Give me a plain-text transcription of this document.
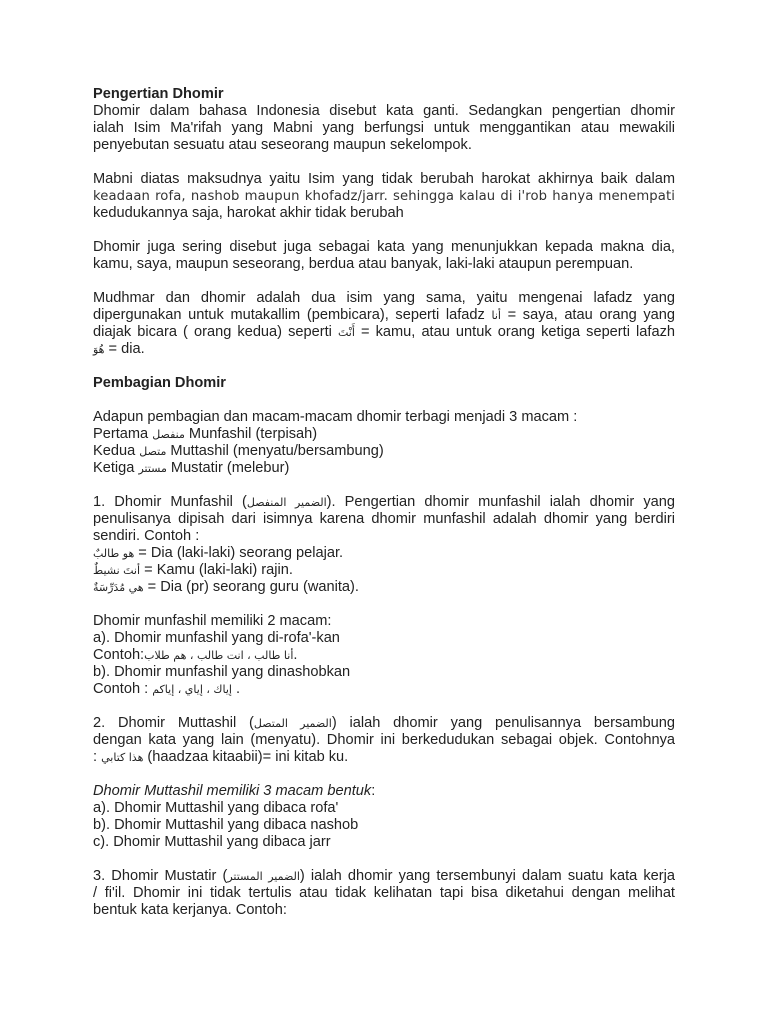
Pengertian Dhomir

Dhomir dalam bahasa Indonesia disebut kata ganti. Sedangkan pengertian dhomir

ialah Isim Ma'rifah yang Mabni yang berfungsi untuk menggantikan atau mewakili

penyebutan sesuatu atau seseorang maupun sekelompok.

Mabni diatas maksudnya yaitu Isim yang tidak berubah harokat akhirnya baik dalam

keadaan rofa, nashob maupun khofadz/jarr. sehingga kalau di i'rob hanya menempati

kedudukannya saja, harokat akhir tidak berubah

Dhomir juga sering disebut juga sebagai kata yang menunjukkan kepada makna dia,

kamu, saya, maupun seseorang, berdua atau banyak, laki-laki ataupun perempuan.

Mudhmar dan dhomir adalah dua isim yang sama, yaitu mengenai lafadz yang

dipergunakan untuk mutakallim (pembicara), seperti lafadz أنا = saya, atau orang yang

diajak bicara ( orang kedua) seperti أَنْتَ = kamu, atau untuk orang ketiga seperti lafazh

هُوَ = dia.

Pembagian Dhomir

Adapun pembagian dan macam-macam dhomir terbagi menjadi 3 macam :

Pertama منفصل Munfashil (terpisah)

Kedua متصل Muttashil (menyatu/bersambung)

Ketiga مستتر Mustatir (melebur)

1. Dhomir Munfashil (الضمير المنفصل). Pengertian dhomir munfashil ialah dhomir yang

penulisanya dipisah dari isimnya karena dhomir munfashil adalah dhomir yang berdiri

sendiri. Contoh :

هو طالبٌ = Dia (laki-laki) seorang pelajar.

أنتَ نشيطٌ = Kamu (laki-laki) rajin.

هي مُدَرِّسَةٌ = Dia (pr) seorang guru (wanita).

Dhomir munfashil memiliki 2 macam:

a). Dhomir munfashil yang di-rofa'-kan

Contoh:أنا طالب ، انت طالب ، هم طلاب.

b). Dhomir munfashil yang dinashobkan

Contoh : إياك ، إياي ، إياكم .

2. Dhomir Muttashil (الضمير المتصل) ialah dhomir yang penulisannya bersambung

dengan kata yang lain (menyatu). Dhomir ini berkedudukan sebagai objek. Contohnya

: هذا كتابي (haadzaa kitaabii)= ini kitab ku.

Dhomir Muttashil memiliki 3 macam bentuk:

a). Dhomir Muttashil yang dibaca rofa'

b). Dhomir Muttashil yang dibaca nashob

c). Dhomir Muttashil yang dibaca jarr

3. Dhomir Mustatir (الضمير المستتر) ialah dhomir yang tersembunyi dalam suatu kata kerja

/ fi'il. Dhomir ini tidak tertulis atau tidak kelihatan tapi bisa diketahui dengan melihat

bentuk kata kerjanya. Contoh:
